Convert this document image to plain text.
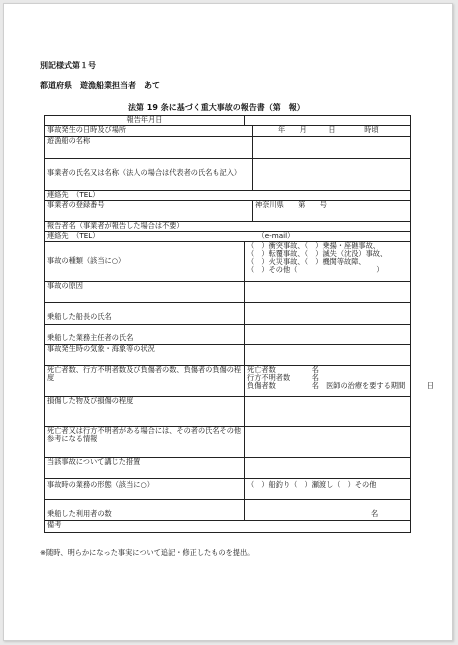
別記様式第１号
都道府県　遊漁船業担当者　あて
法第 19 条に基づく重大事故の報告書（第　報）
報告年月日		
事故発生の日時及び場所		年　　月　　　日　　　　時頃
遊漁船の名称		
事業者の氏名又は名称（法人の場合は代表者の氏名も記入）		
連絡先　 （TEL）		
事業者の登録番号		神奈川県　　第　　号
報告者名（事業者が報告した場合は不要）		
連絡先　 （TEL） （e-mail）		
事故の種類（該当に○）	（　）衝突事故、（　）乗揚・座礁事故、
（　）転覆事故、（　）滅失（沈没）事故、
（　）火災事故、（　）機関等故障、
（　）その他（　　　　　　　　　　　）	

事故の原因		
乗船した船長の氏名		
乗船した業務主任者の氏名		
事故発生時の気象・海象等の状況		
死亡者数、行方不明者数及び負傷者の数、負傷者の負傷の程度	死亡者数　　　　　名
行方不明者数　　　名
負傷者数　　　　　名　医師の治療を要する期間　　　日	

損傷した物及び損傷の程度		
死亡者又は行方不明者がある場合には、その者の氏名その他参考になる情報		
当該事故について講じた措置		
事故時の業務の形態（該当に○）	（　）船釣り（　）瀬渡し（　）その他	
乗船した利用者の数	名	
備考		
※随時、明らかになった事実について追記・修正したものを提出。
